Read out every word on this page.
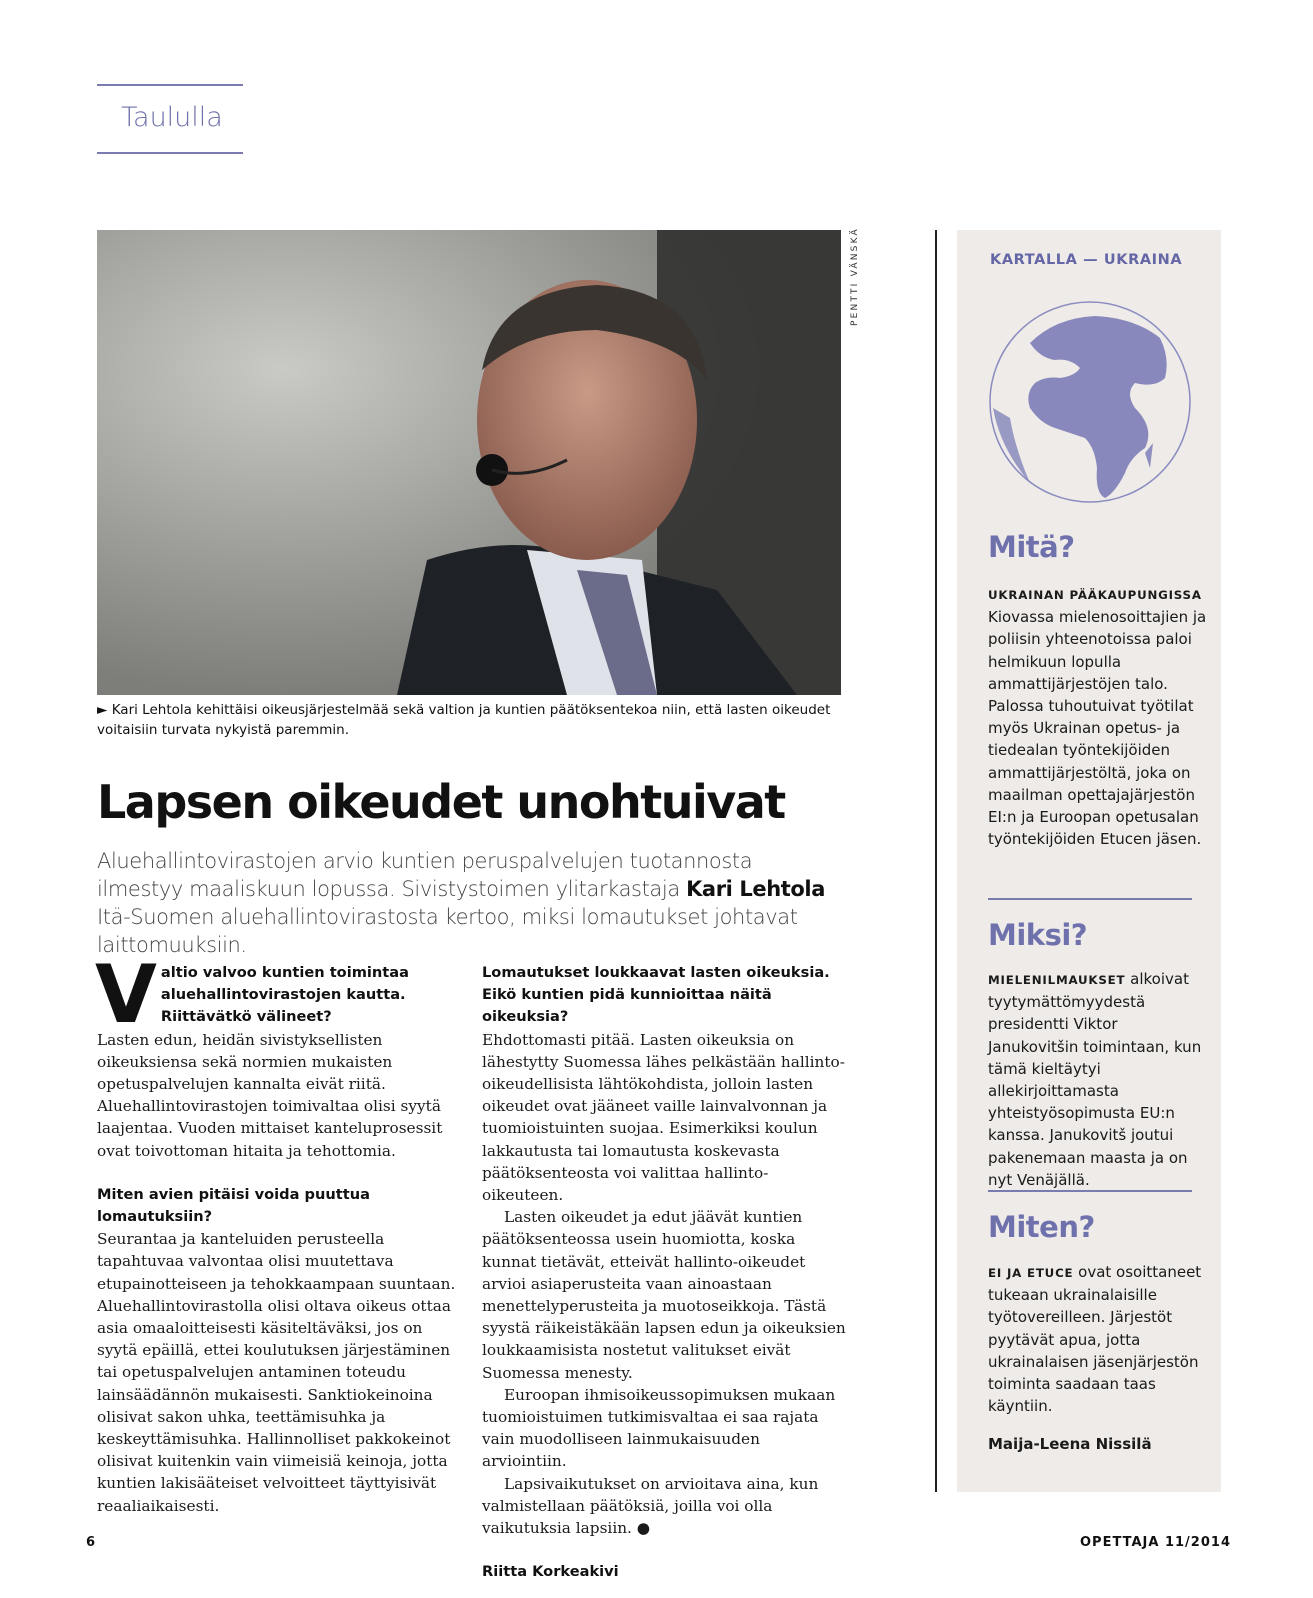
Taululla
PENTTI VÄNSKÄ
► Kari Lehtola kehittäisi oikeusjärjestelmää sekä valtion ja kuntien päätöksentekoa niin, että lasten oikeudet voitaisiin turvata nykyistä paremmin.
Lapsen oikeudet unohtuivat
Aluehallintovirastojen arvio kuntien peruspalvelujen tuotannosta ilmestyy maaliskuun lopussa. Sivistystoimen ylitarkastaja Kari Lehtola Itä-Suomen aluehallintovirastosta kertoo, miksi lomautukset johtavat laittomuuksiin.
V altio valvoo kuntien toimintaa aluehallintovirastojen kautta. Riittävätkö välineet?

Lasten edun, heidän sivistyksellisten oikeuksiensa sekä normien mukaisten opetuspalvelujen kannalta eivät riitä. Aluehallintovirastojen toimivaltaa olisi syytä laajentaa. Vuoden mittaiset kanteluprosessit ovat toivottoman hitaita ja tehottomia.

Miten avien pitäisi voida puuttua lomautuksiin?

Seurantaa ja kanteluiden perusteella tapahtuvaa valvontaa olisi muutettava etupainotteiseen ja tehokkaampaan suuntaan. Aluehallintovirastolla olisi oltava oikeus ottaa asia omaaloitteisesti käsiteltäväksi, jos on syytä epäillä, ettei koulutuksen järjestäminen tai opetuspalvelujen antaminen toteudu lainsäädännön mukaisesti. Sanktiokeinoina olisivat sakon uhka, teettämisuhka ja keskeyttämisuhka. Hallinnolliset pakkokeinot olisivat kuitenkin vain viimeisiä keinoja, jotta kuntien lakisääteiset velvoitteet täyttyisivät reaaliaikaisesti.

Lomautukset loukkaavat lasten oikeuksia. Eikö kuntien pidä kunnioittaa näitä oikeuksia?

Ehdottomasti pitää. Lasten oikeuksia on lähestytty Suomessa lähes pelkästään hallinto-oikeudellisista lähtökohdista, jolloin lasten oikeudet ovat jääneet vaille lainvalvonnan ja tuomioistuinten suojaa. Esimerkiksi koulun lakkautusta tai lomautusta koskevasta päätöksenteosta voi valittaa hallinto-oikeuteen.

Lasten oikeudet ja edut jäävät kuntien päätöksenteossa usein huomiotta, koska kunnat tietävät, etteivät hallinto-oikeudet arvioi asiaperusteita vaan ainoastaan menettelyperusteita ja muotoseikkoja. Tästä syystä räikeistäkään lapsen edun ja oikeuksien loukkaamisista nostetut valitukset eivät Suomessa menesty.

Euroopan ihmisoikeussopimuksen mukaan tuomioistuimen tutkimisvaltaa ei saa rajata vain muodolliseen lainmukaisuuden arviointiin.

Lapsivaikutukset on arvioitava aina, kun valmistellaan päätöksiä, joilla voi olla vaikutuksia lapsiin. ●

Riitta Korkeakivi
KARTALLA — UKRAINA
Mitä?
UKRAINAN PÄÄKAUPUNGISSA
Kiovassa mielenosoittajien ja poliisin yhteenotoissa paloi helmikuun lopulla ammattijärjestöjen talo. Palossa tuhoutuivat työtilat myös Ukrainan opetus- ja tiedealan työntekijöiden ammattijärjestöltä, joka on maailman opettajajärjestön EI:n ja Euroopan opetusalan työntekijöiden Etucen jäsen.
Miksi?
MIELENILMAUKSET alkoivat tyytymättömyydestä presidentti Viktor Janukovitšin toimintaan, kun tämä kieltäytyi allekirjoittamasta yhteistyösopimusta EU:n kanssa. Janukovitš joutui pakenemaan maasta ja on nyt Venäjällä.
Miten?
EI JA ETUCE ovat osoittaneet tukeaan ukrainalaisille työtovereilleen. Järjestöt pyytävät apua, jotta ukrainalaisen jäsenjärjestön toiminta saadaan taas käyntiin.
Maija-Leena Nissilä
6	OPETTAJA 11/2014
